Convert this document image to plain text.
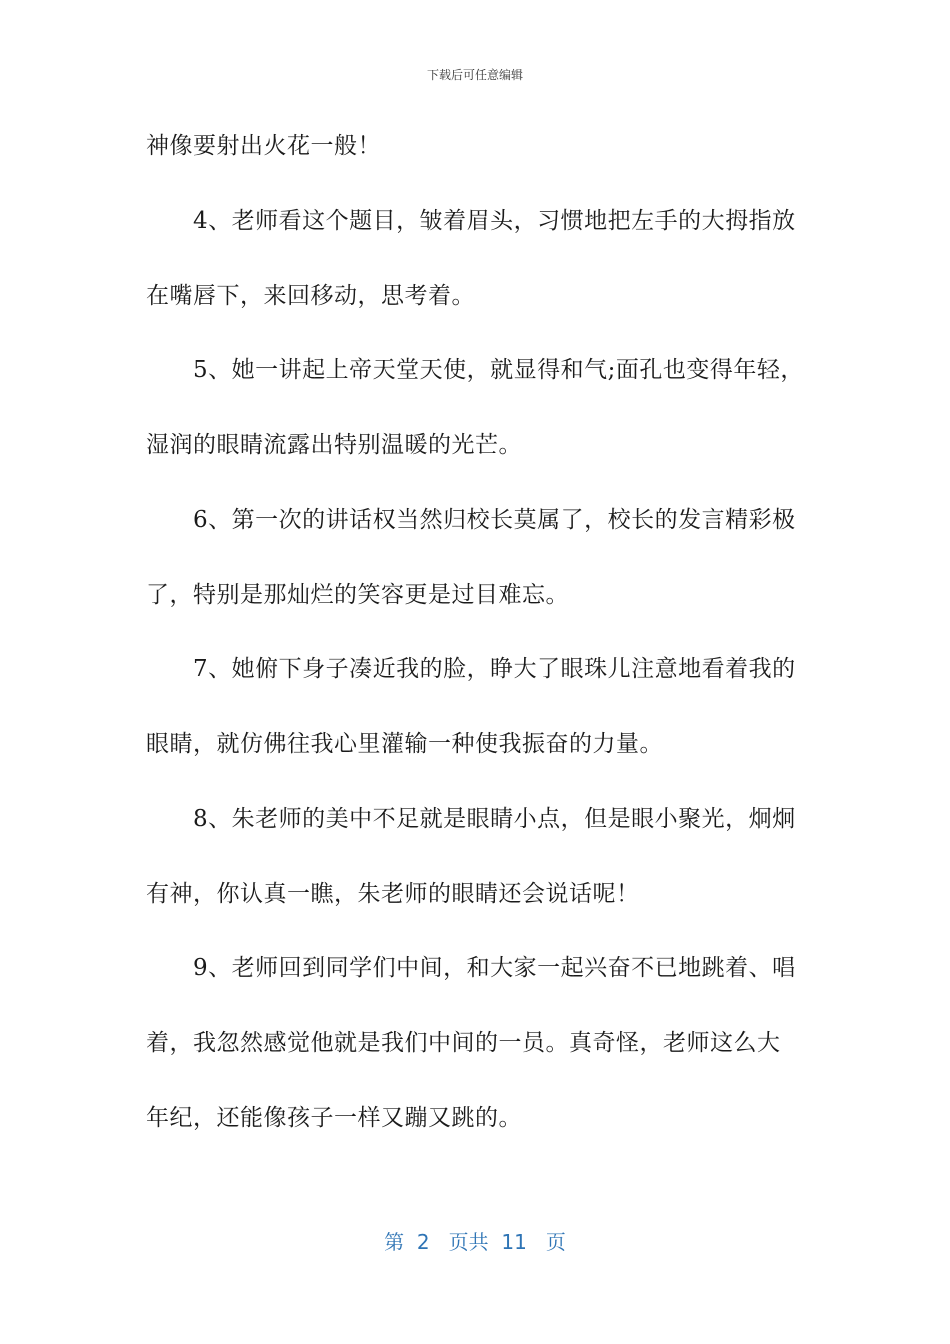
下载后可任意编辑
神像要射出火花一般！
　　4、老师看这个题目，皱着眉头，习惯地把左手的大拇指放
在嘴唇下，来回移动，思考着。
　　5、她一讲起上帝天堂天使，就显得和气;面孔也变得年轻，
湿润的眼睛流露出特别温暖的光芒。
　　6、第一次的讲话权当然归校长莫属了，校长的发言精彩极
了，特别是那灿烂的笑容更是过目难忘。
　　7、她俯下身子凑近我的脸，睁大了眼珠儿注意地看着我的
眼睛，就仿佛往我心里灌输一种使我振奋的力量。
　　8、朱老师的美中不足就是眼睛小点，但是眼小聚光，炯炯
有神，你认真一瞧，朱老师的眼睛还会说话呢！
　　9、老师回到同学们中间，和大家一起兴奋不已地跳着、唱
着，我忽然感觉他就是我们中间的一员。真奇怪，老师这么大
年纪，还能像孩子一样又蹦又跳的。
第  2   页共  11   页
